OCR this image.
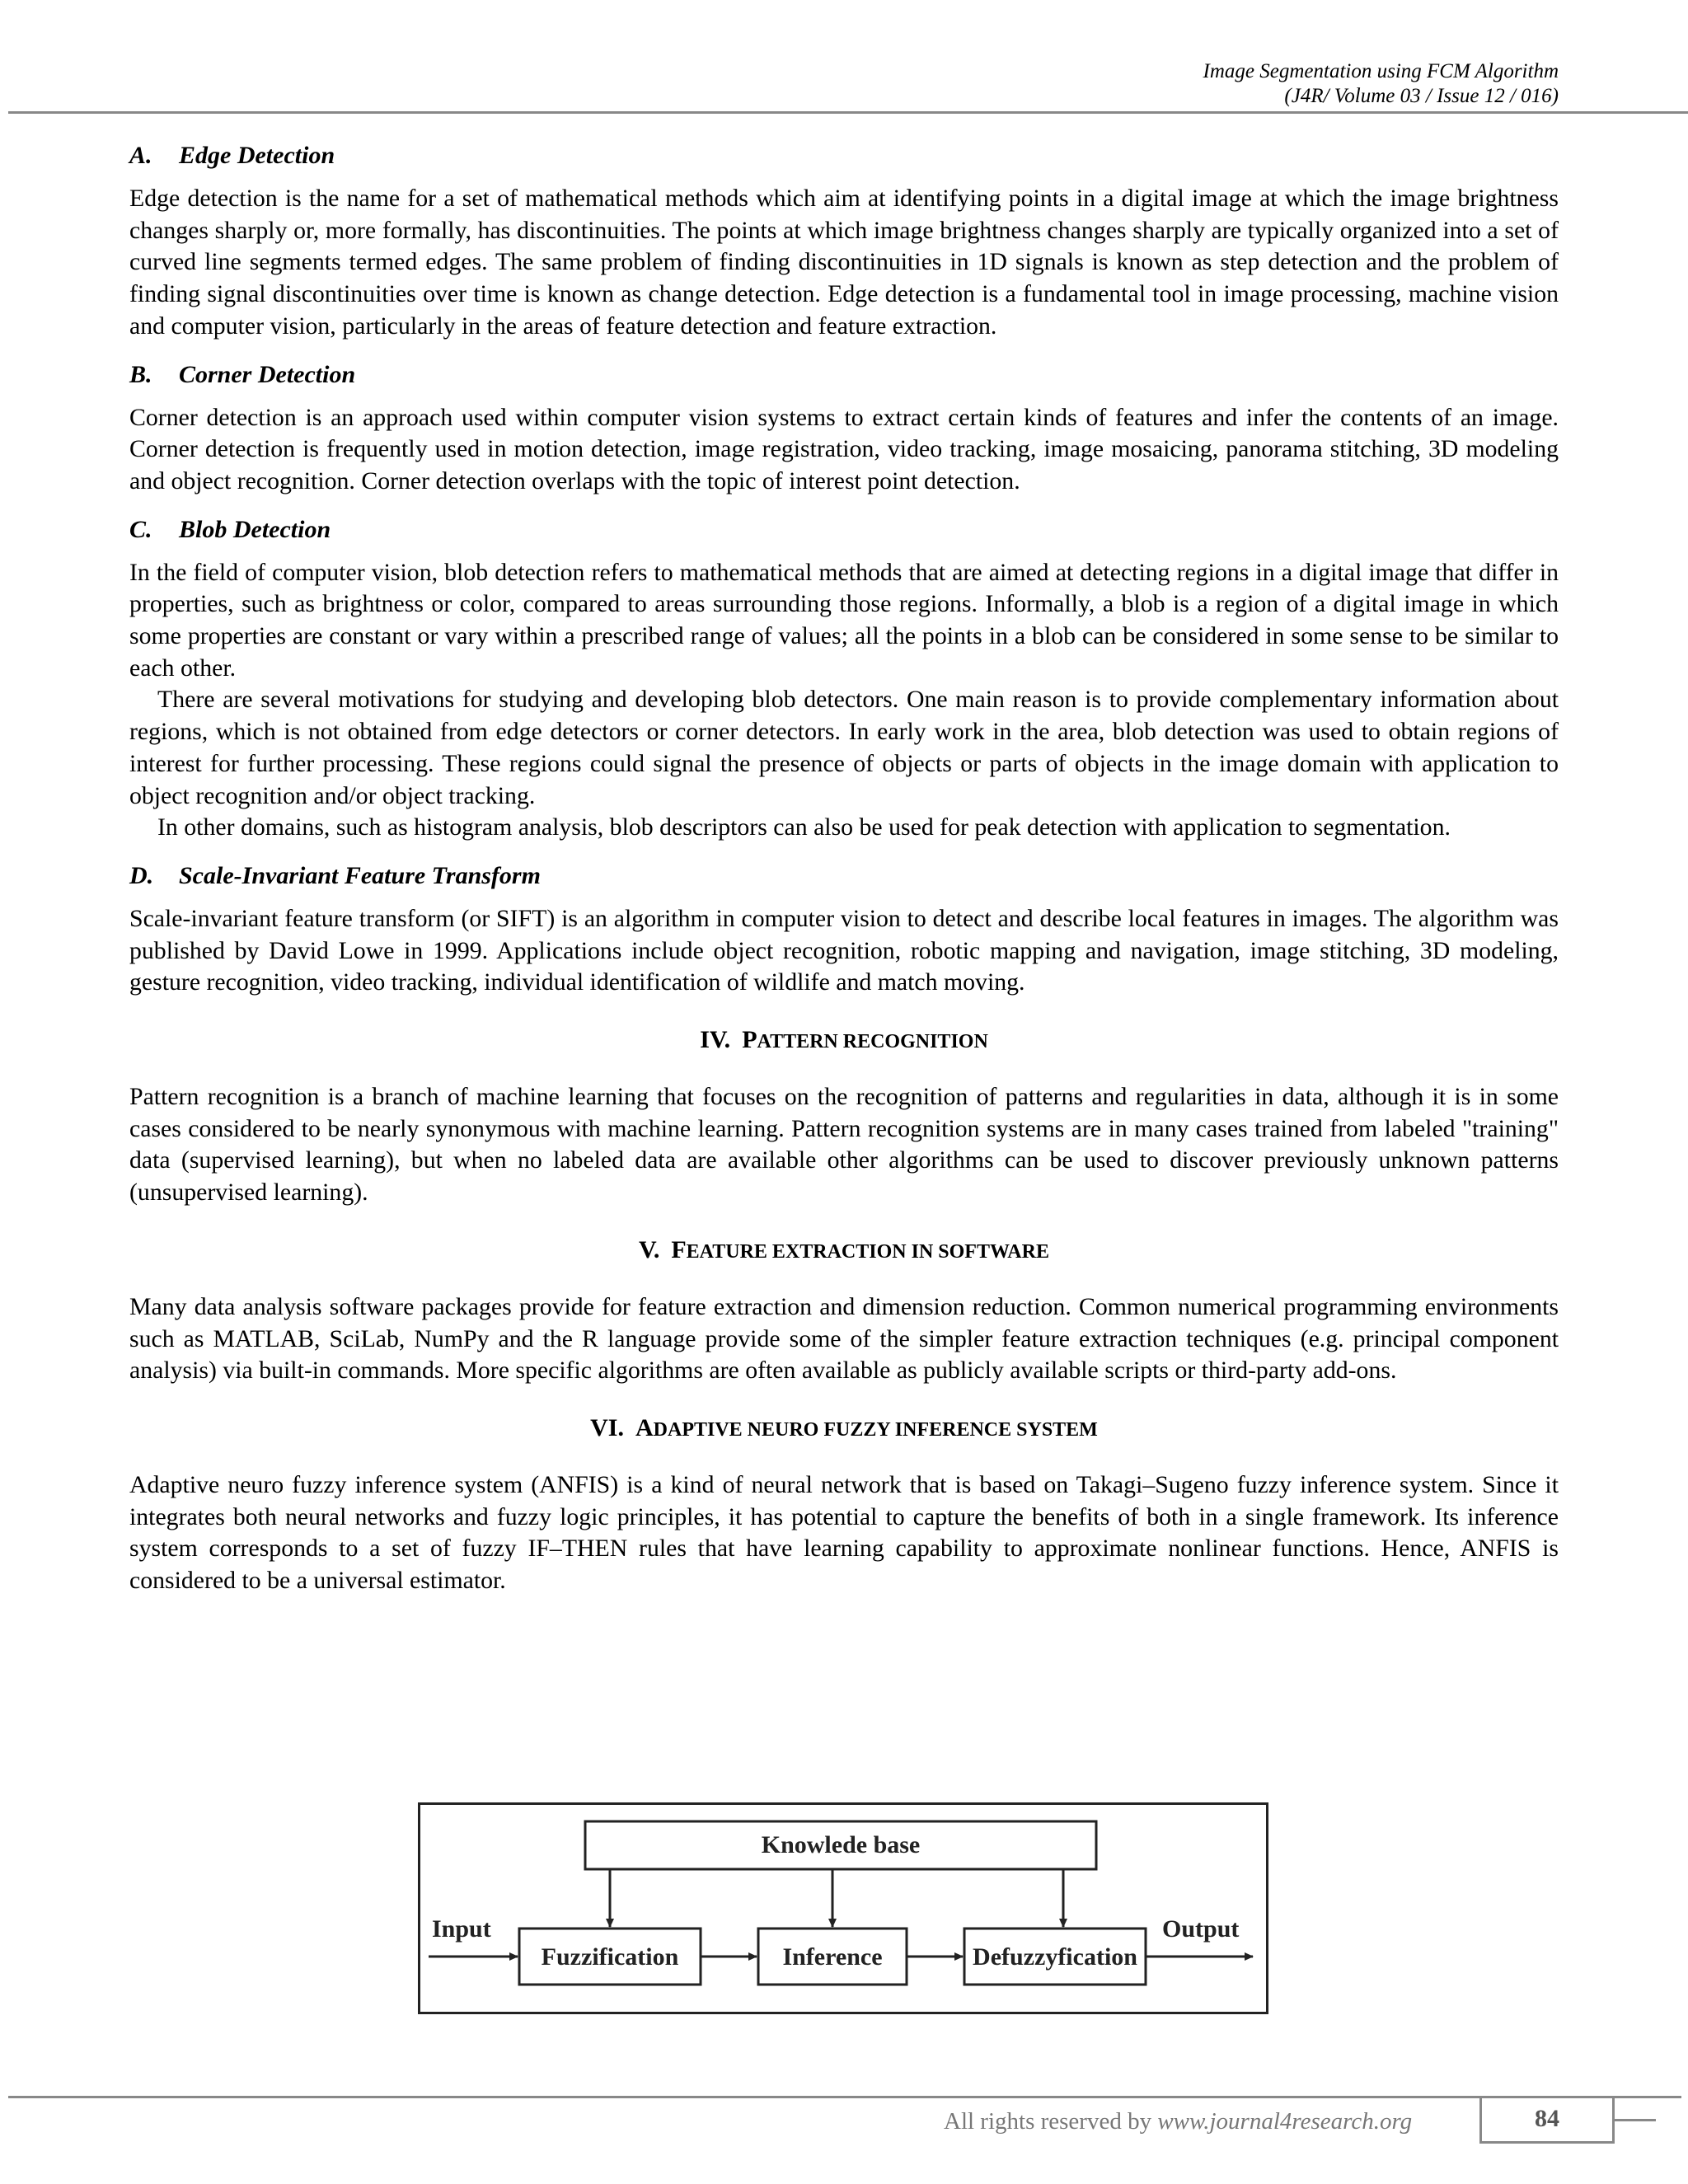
Image Segmentation using FCM Algorithm
(J4R/ Volume 03 / Issue 12 / 016)
A. Edge Detection

Edge detection is the name for a set of mathematical methods which aim at identifying points in a digital image at which the image brightness changes sharply or, more formally, has discontinuities. The points at which image brightness changes sharply are typically organized into a set of curved line segments termed edges. The same problem of finding discontinuities in 1D signals is known as step detection and the problem of finding signal discontinuities over time is known as change detection. Edge detection is a fundamental tool in image processing, machine vision and computer vision, particularly in the areas of feature detection and feature extraction.

B. Corner Detection

Corner detection is an approach used within computer vision systems to extract certain kinds of features and infer the contents of an image. Corner detection is frequently used in motion detection, image registration, video tracking, image mosaicing, panorama stitching, 3D modeling and object recognition. Corner detection overlaps with the topic of interest point detection.

C. Blob Detection

In the field of computer vision, blob detection refers to mathematical methods that are aimed at detecting regions in a digital image that differ in properties, such as brightness or color, compared to areas surrounding those regions. Informally, a blob is a region of a digital image in which some properties are constant or vary within a prescribed range of values; all the points in a blob can be considered in some sense to be similar to each other.

There are several motivations for studying and developing blob detectors. One main reason is to provide complementary information about regions, which is not obtained from edge detectors or corner detectors. In early work in the area, blob detection was used to obtain regions of interest for further processing. These regions could signal the presence of objects or parts of objects in the image domain with application to object recognition and/or object tracking.

In other domains, such as histogram analysis, blob descriptors can also be used for peak detection with application to segmentation.

D. Scale-Invariant Feature Transform

Scale-invariant feature transform (or SIFT) is an algorithm in computer vision to detect and describe local features in images. The algorithm was published by David Lowe in 1999. Applications include object recognition, robotic mapping and navigation, image stitching, 3D modeling, gesture recognition, video tracking, individual identification of wildlife and match moving.

IV. PATTERN RECOGNITION

Pattern recognition is a branch of machine learning that focuses on the recognition of patterns and regularities in data, although it is in some cases considered to be nearly synonymous with machine learning. Pattern recognition systems are in many cases trained from labeled "training" data (supervised learning), but when no labeled data are available other algorithms can be used to discover previously unknown patterns (unsupervised learning).

V. FEATURE EXTRACTION IN SOFTWARE

Many data analysis software packages provide for feature extraction and dimension reduction. Common numerical programming environments such as MATLAB, SciLab, NumPy and the R language provide some of the simpler feature extraction techniques (e.g. principal component analysis) via built-in commands. More specific algorithms are often available as publicly available scripts or third-party add-ons.

VI. ADAPTIVE NEURO FUZZY INFERENCE SYSTEM

Adaptive neuro fuzzy inference system (ANFIS) is a kind of neural network that is based on Takagi–Sugeno fuzzy inference system. Since it integrates both neural networks and fuzzy logic principles, it has potential to capture the benefits of both in a single framework. Its inference system corresponds to a set of fuzzy IF–THEN rules that have learning capability to approximate nonlinear functions. Hence, ANFIS is considered to be a universal estimator.

Knowlede base
Fuzzification	Inference	Defuzzyfication
Input	Output
All rights reserved by www.journal4research.org	84
